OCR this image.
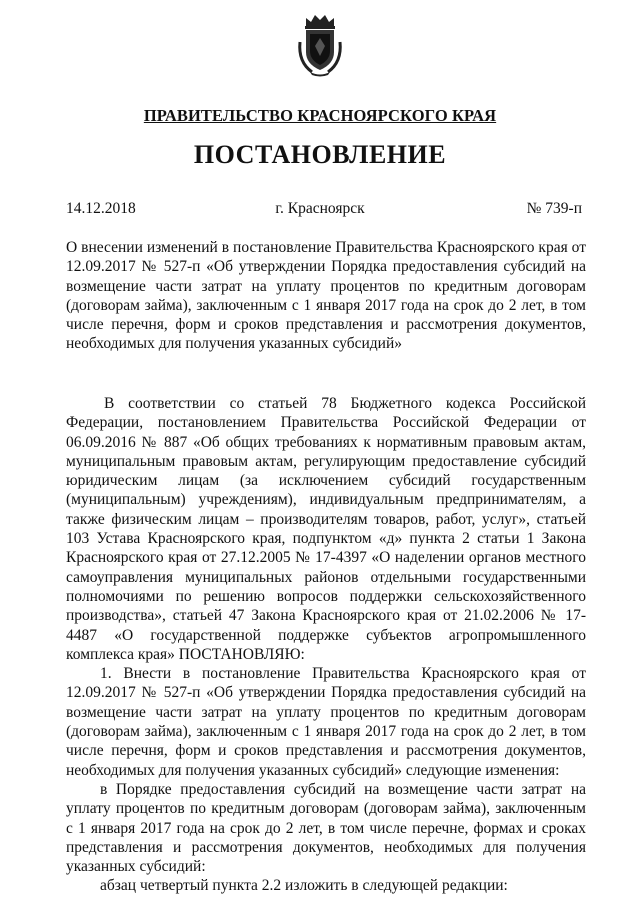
ПРАВИТЕЛЬСТВО КРАСНОЯРСКОГО КРАЯ
ПОСТАНОВЛЕНИЕ
14.12.2018	г. Красноярск	№ 739-п
О внесении изменений в постановление Правительства Красноярского края от 12.09.2017 № 527-п «Об утверждении Порядка предоставления субсидий на возмещение части затрат на уплату процентов по кредитным договорам (договорам займа), заключенным с 1 января 2017 года на срок до 2 лет, в том числе перечня, форм и сроков представления и рассмотрения документов, необходимых для получения указанных субсидий»

В соответствии со статьей 78 Бюджетного кодекса Российской Федерации, постановлением Правительства Российской Федерации от 06.09.2016 № 887 «Об общих требованиях к нормативным правовым актам, муниципальным правовым актам, регулирующим предоставление субсидий юридическим лицам (за исключением субсидий государственным (муниципальным) учреждениям), индивидуальным предпринимателям, а также физическим лицам – производителям товаров, работ, услуг», статьей 103 Устава Красноярского края, подпунктом «д» пункта 2 статьи 1 Закона Красноярского края от 27.12.2005 № 17-4397 «О наделении органов местного самоуправления муниципальных районов отдельными государственными полномочиями по решению вопросов поддержки сельскохозяйственного производства», статьей 47 Закона Красноярского края от 21.02.2006 № 17-4487 «О государственной поддержке субъектов агропромышленного комплекса края» ПОСТАНОВЛЯЮ:

1. Внести в постановление Правительства Красноярского края от 12.09.2017 № 527-п «Об утверждении Порядка предоставления субсидий на возмещение части затрат на уплату процентов по кредитным договорам (договорам займа), заключенным с 1 января 2017 года на срок до 2 лет, в том числе перечня, форм и сроков представления и рассмотрения документов, необходимых для получения указанных субсидий» следующие изменения:

в Порядке предоставления субсидий на возмещение части затрат на уплату процентов по кредитным договорам (договорам займа), заключенным с 1 января 2017 года на срок до 2 лет, в том числе перечне, формах и сроках представления и рассмотрения документов, необходимых для получения указанных субсидий:

абзац четвертый пункта 2.2 изложить в следующей редакции:
